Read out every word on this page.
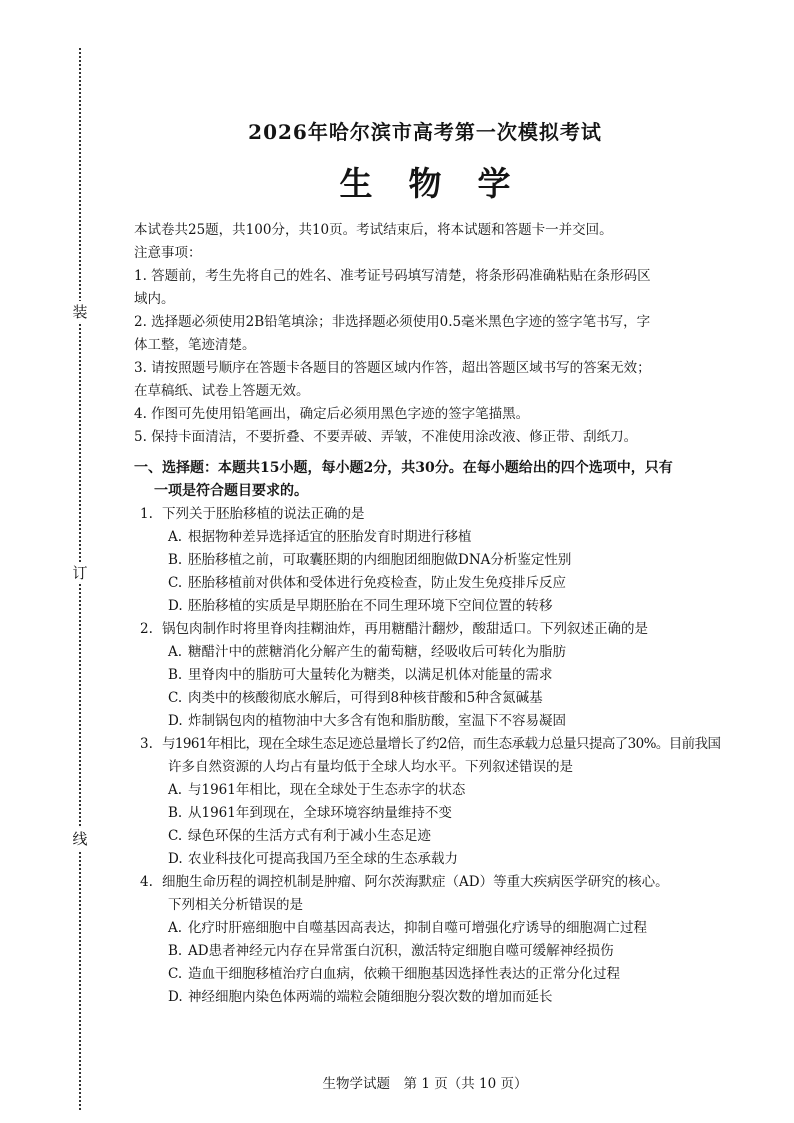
装
订
线
2026年哈尔滨市高考第一次模拟考试
生物学
本试卷共25题，共100分，共10页。考试结束后，将本试题和答题卡一并交回。
注意事项：
1. 答题前，考生先将自己的姓名、准考证号码填写清楚，将条形码准确粘贴在条形码区
域内。
2. 选择题必须使用2B铅笔填涂；非选择题必须使用0.5毫米黑色字迹的签字笔书写，字
体工整，笔迹清楚。
3. 请按照题号顺序在答题卡各题目的答题区域内作答，超出答题区域书写的答案无效；
在草稿纸、试卷上答题无效。
4. 作图可先使用铅笔画出，确定后必须用黑色字迹的签字笔描黑。
5. 保持卡面清洁，不要折叠、不要弄破、弄皱，不准使用涂改液、修正带、刮纸刀。
一、选择题：本题共15小题，每小题2分，共30分。在每小题给出的四个选项中，只有
一项是符合题目要求的。
1. 下列关于胚胎移植的说法正确的是
A. 根据物种差异选择适宜的胚胎发育时期进行移植
B. 胚胎移植之前，可取囊胚期的内细胞团细胞做DNA分析鉴定性别
C. 胚胎移植前对供体和受体进行免疫检查，防止发生免疫排斥反应
D. 胚胎移植的实质是早期胚胎在不同生理环境下空间位置的转移
2. 锅包肉制作时将里脊肉挂糊油炸，再用糖醋汁翻炒，酸甜适口。下列叙述正确的是
A. 糖醋汁中的蔗糖消化分解产生的葡萄糖，经吸收后可转化为脂肪
B. 里脊肉中的脂肪可大量转化为糖类，以满足机体对能量的需求
C. 肉类中的核酸彻底水解后，可得到8种核苷酸和5种含氮碱基
D. 炸制锅包肉的植物油中大多含有饱和脂肪酸，室温下不容易凝固
3. 与1961年相比，现在全球生态足迹总量增长了约2倍，而生态承载力总量只提高了30%。目前我国
许多自然资源的人均占有量均低于全球人均水平。下列叙述错误的是
A. 与1961年相比，现在全球处于生态赤字的状态
B. 从1961年到现在，全球环境容纳量维持不变
C. 绿色环保的生活方式有利于减小生态足迹
D. 农业科技化可提高我国乃至全球的生态承载力
4. 细胞生命历程的调控机制是肿瘤、阿尔茨海默症（AD）等重大疾病医学研究的核心。
下列相关分析错误的是
A. 化疗时肝癌细胞中自噬基因高表达，抑制自噬可增强化疗诱导的细胞凋亡过程
B. AD患者神经元内存在异常蛋白沉积，激活特定细胞自噬可缓解神经损伤
C. 造血干细胞移植治疗白血病，依赖干细胞基因选择性表达的正常分化过程
D. 神经细胞内染色体两端的端粒会随细胞分裂次数的增加而延长
生物学试题　第 1 页（共 10 页）
